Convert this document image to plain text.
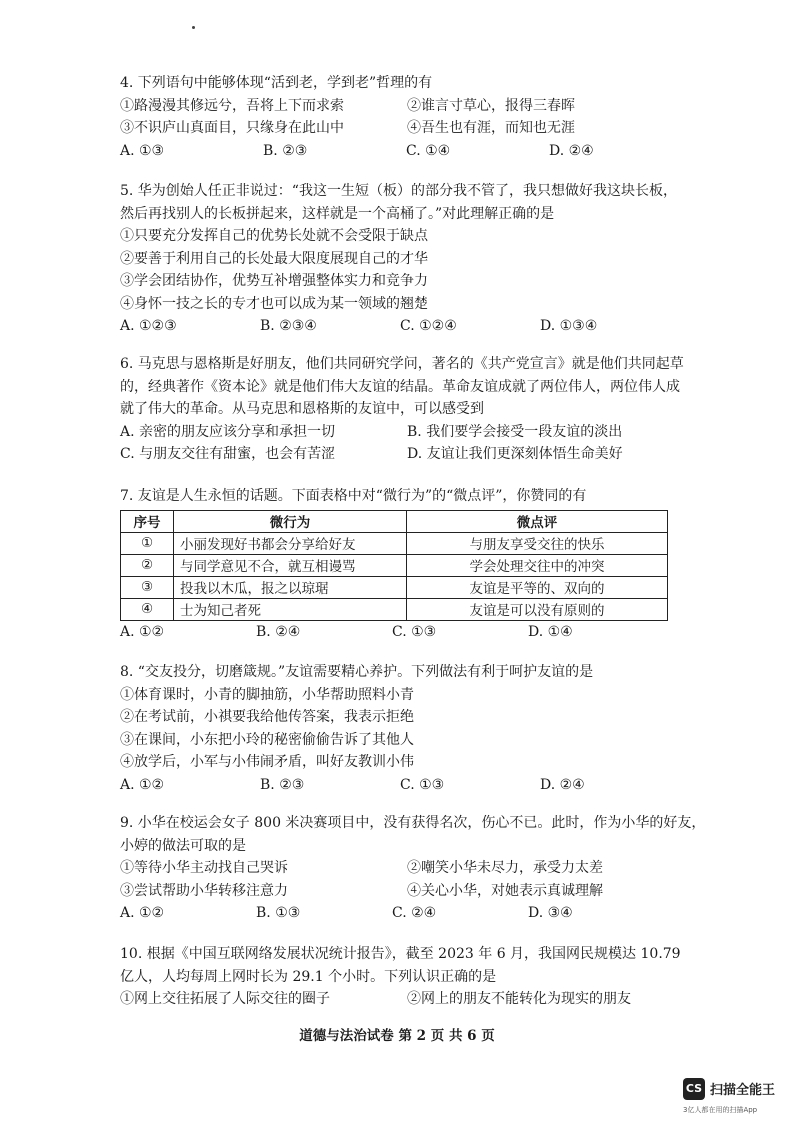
4. 下列语句中能够体现“活到老，学到老”哲理的有
①路漫漫其修远兮，吾将上下而求索	②谁言寸草心，报得三春晖
③不识庐山真面目，只缘身在此山中	④吾生也有涯，而知也无涯
A. ①③	B. ②③	C. ①④	D. ②④
5. 华为创始人任正非说过：“我这一生短（板）的部分我不管了，我只想做好我这块长板，
然后再找别人的长板拼起来，这样就是一个高桶了。”对此理解正确的是
①只要充分发挥自己的优势长处就不会受限于缺点
②要善于利用自己的长处最大限度展现自己的才华
③学会团结协作，优势互补增强整体实力和竞争力
④身怀一技之长的专才也可以成为某一领域的翘楚
A. ①②③	B. ②③④	C. ①②④	D. ①③④
6. 马克思与恩格斯是好朋友，他们共同研究学问，著名的《共产党宣言》就是他们共同起草
的，经典著作《资本论》就是他们伟大友谊的结晶。革命友谊成就了两位伟人，两位伟人成
就了伟大的革命。从马克思和恩格斯的友谊中，可以感受到
A. 亲密的朋友应该分享和承担一切	B. 我们要学会接受一段友谊的淡出
C. 与朋友交往有甜蜜，也会有苦涩	D. 友谊让我们更深刻体悟生命美好
7. 友谊是人生永恒的话题。下面表格中对“微行为”的“微点评”，你赞同的有
序号	微行为	微点评
①	小丽发现好书都会分享给好友	与朋友享受交往的快乐
②	与同学意见不合，就互相谩骂	学会处理交往中的冲突
③	投我以木瓜，报之以琼琚	友谊是平等的、双向的
④	士为知己者死	友谊是可以没有原则的
A. ①②	B. ②④	C. ①③	D. ①④
8. “交友投分，切磨箴规。”友谊需要精心养护。下列做法有利于呵护友谊的是
①体育课时，小青的脚抽筋，小华帮助照料小青
②在考试前，小祺要我给他传答案，我表示拒绝
③在课间，小东把小玲的秘密偷偷告诉了其他人
④放学后，小军与小伟闹矛盾，叫好友教训小伟
A. ①②	B. ②③	C. ①③	D. ②④
9. 小华在校运会女子 800 米决赛项目中，没有获得名次，伤心不已。此时，作为小华的好友，
小婷的做法可取的是
①等待小华主动找自己哭诉	②嘲笑小华未尽力，承受力太差
③尝试帮助小华转移注意力	④关心小华，对她表示真诚理解
A. ①②	B. ①③	C. ②④	D. ③④
10. 根据《中国互联网络发展状况统计报告》，截至 2023 年 6 月，我国网民规模达 10.79
亿人，人均每周上网时长为 29.1 个小时。下列认识正确的是
①网上交往拓展了人际交往的圈子	②网上的朋友不能转化为现实的朋友
道德与法治试卷 第 2 页 共 6 页
CS 扫描全能王
3亿人都在用的扫描App
